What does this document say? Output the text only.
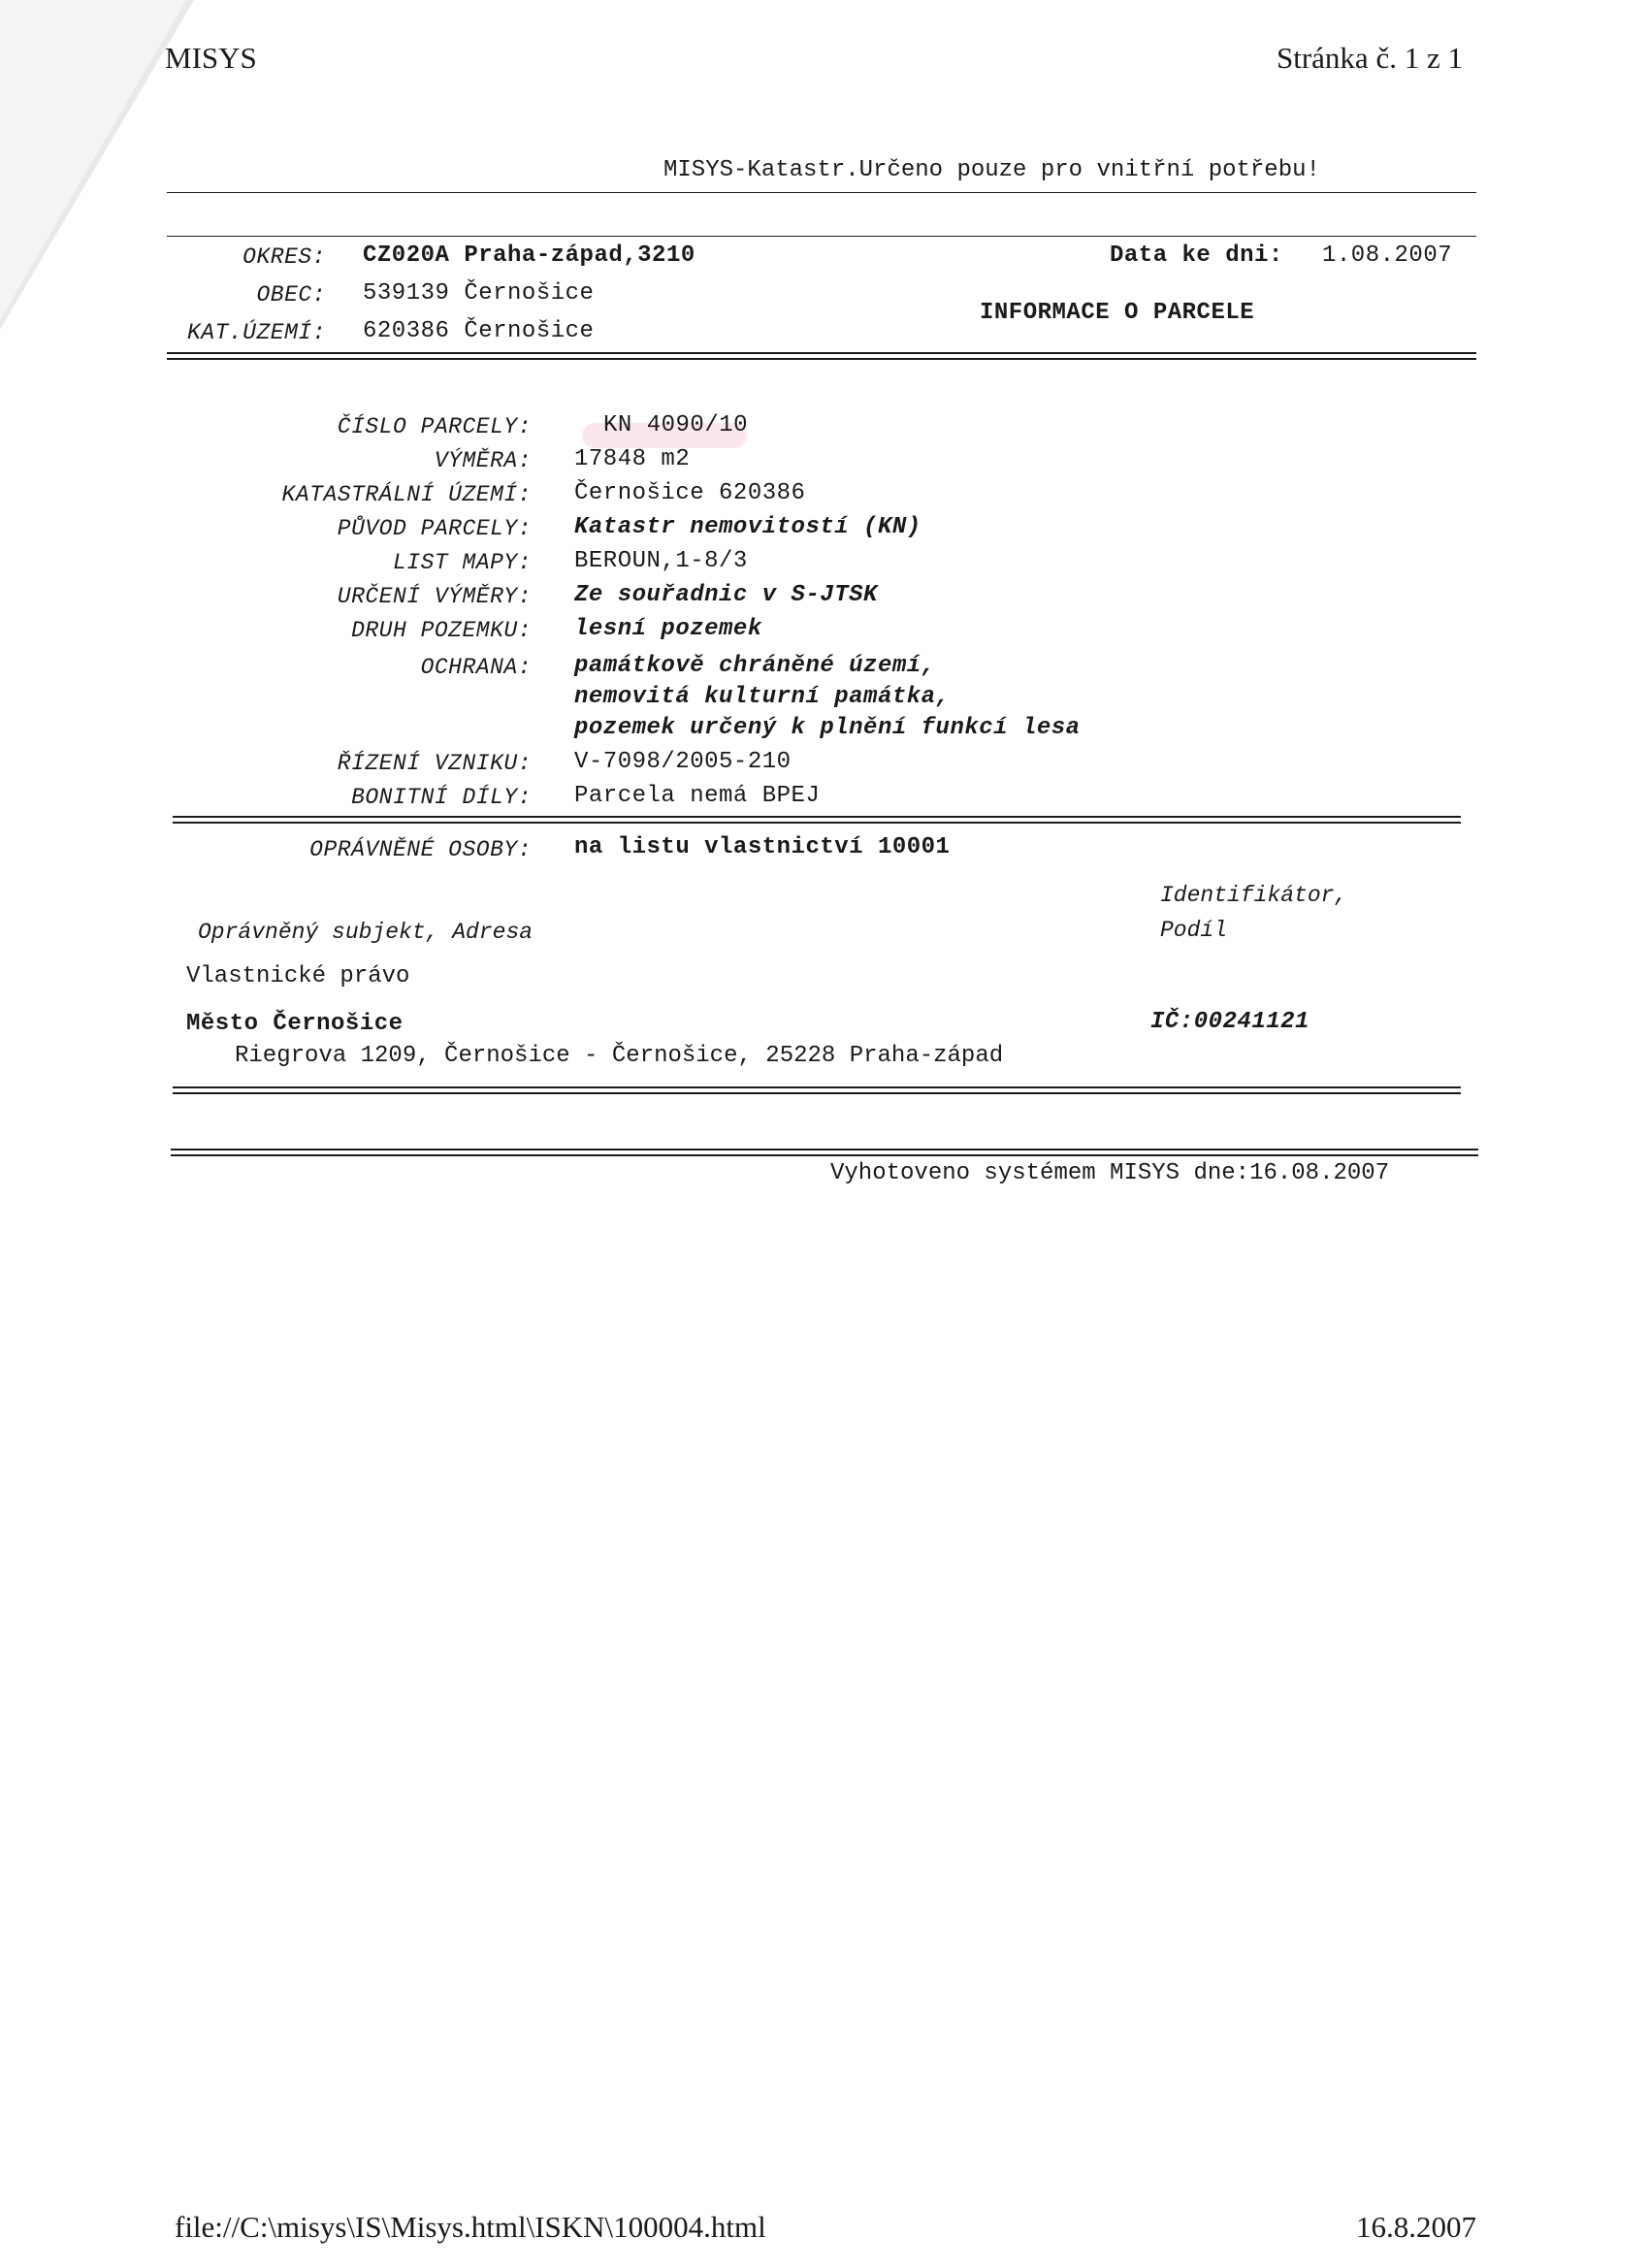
MISYS	Stránka č. 1 z 1
MISYS-Katastr.Určeno pouze pro vnitřní potřebu!
OKRES: CZ020A Praha-západ,3210	Data ke dni: 1.08.2007
OBEC: 539139 Černošice
INFORMACE O PARCELE
KAT.ÚZEMÍ: 620386 Černošice
ČÍSLO PARCELY:	KN 4090/10
VÝMĚRA: 17848 m2
KATASTRÁLNÍ ÚZEMÍ: Černošice 620386
PŮVOD PARCELY: Katastr nemovitostí (KN)
LIST MAPY: BEROUN,1-8/3
URČENÍ VÝMĚRY: Ze souřadnic v S-JTSK
DRUH POZEMKU: lesní pozemek
OCHRANA: památkově chráněné území,
nemovitá kulturní památka,
pozemek určený k plnění funkcí lesa
ŘÍZENÍ VZNIKU: V-7098/2005-210
BONITNÍ DÍLY: Parcela nemá BPEJ
OPRÁVNĚNÉ OSOBY: na listu vlastnictví 10001
Identifikátor,
Podíl
Oprávněný subjekt, Adresa
Vlastnické právo
Město Černošice	IČ:00241121
Riegrova 1209, Černošice - Černošice, 25228 Praha-západ
Vyhotoveno systémem MISYS dne:16.08.2007
file://C:\misys\IS\Misys.html\ISKN\100004.html	16.8.2007
